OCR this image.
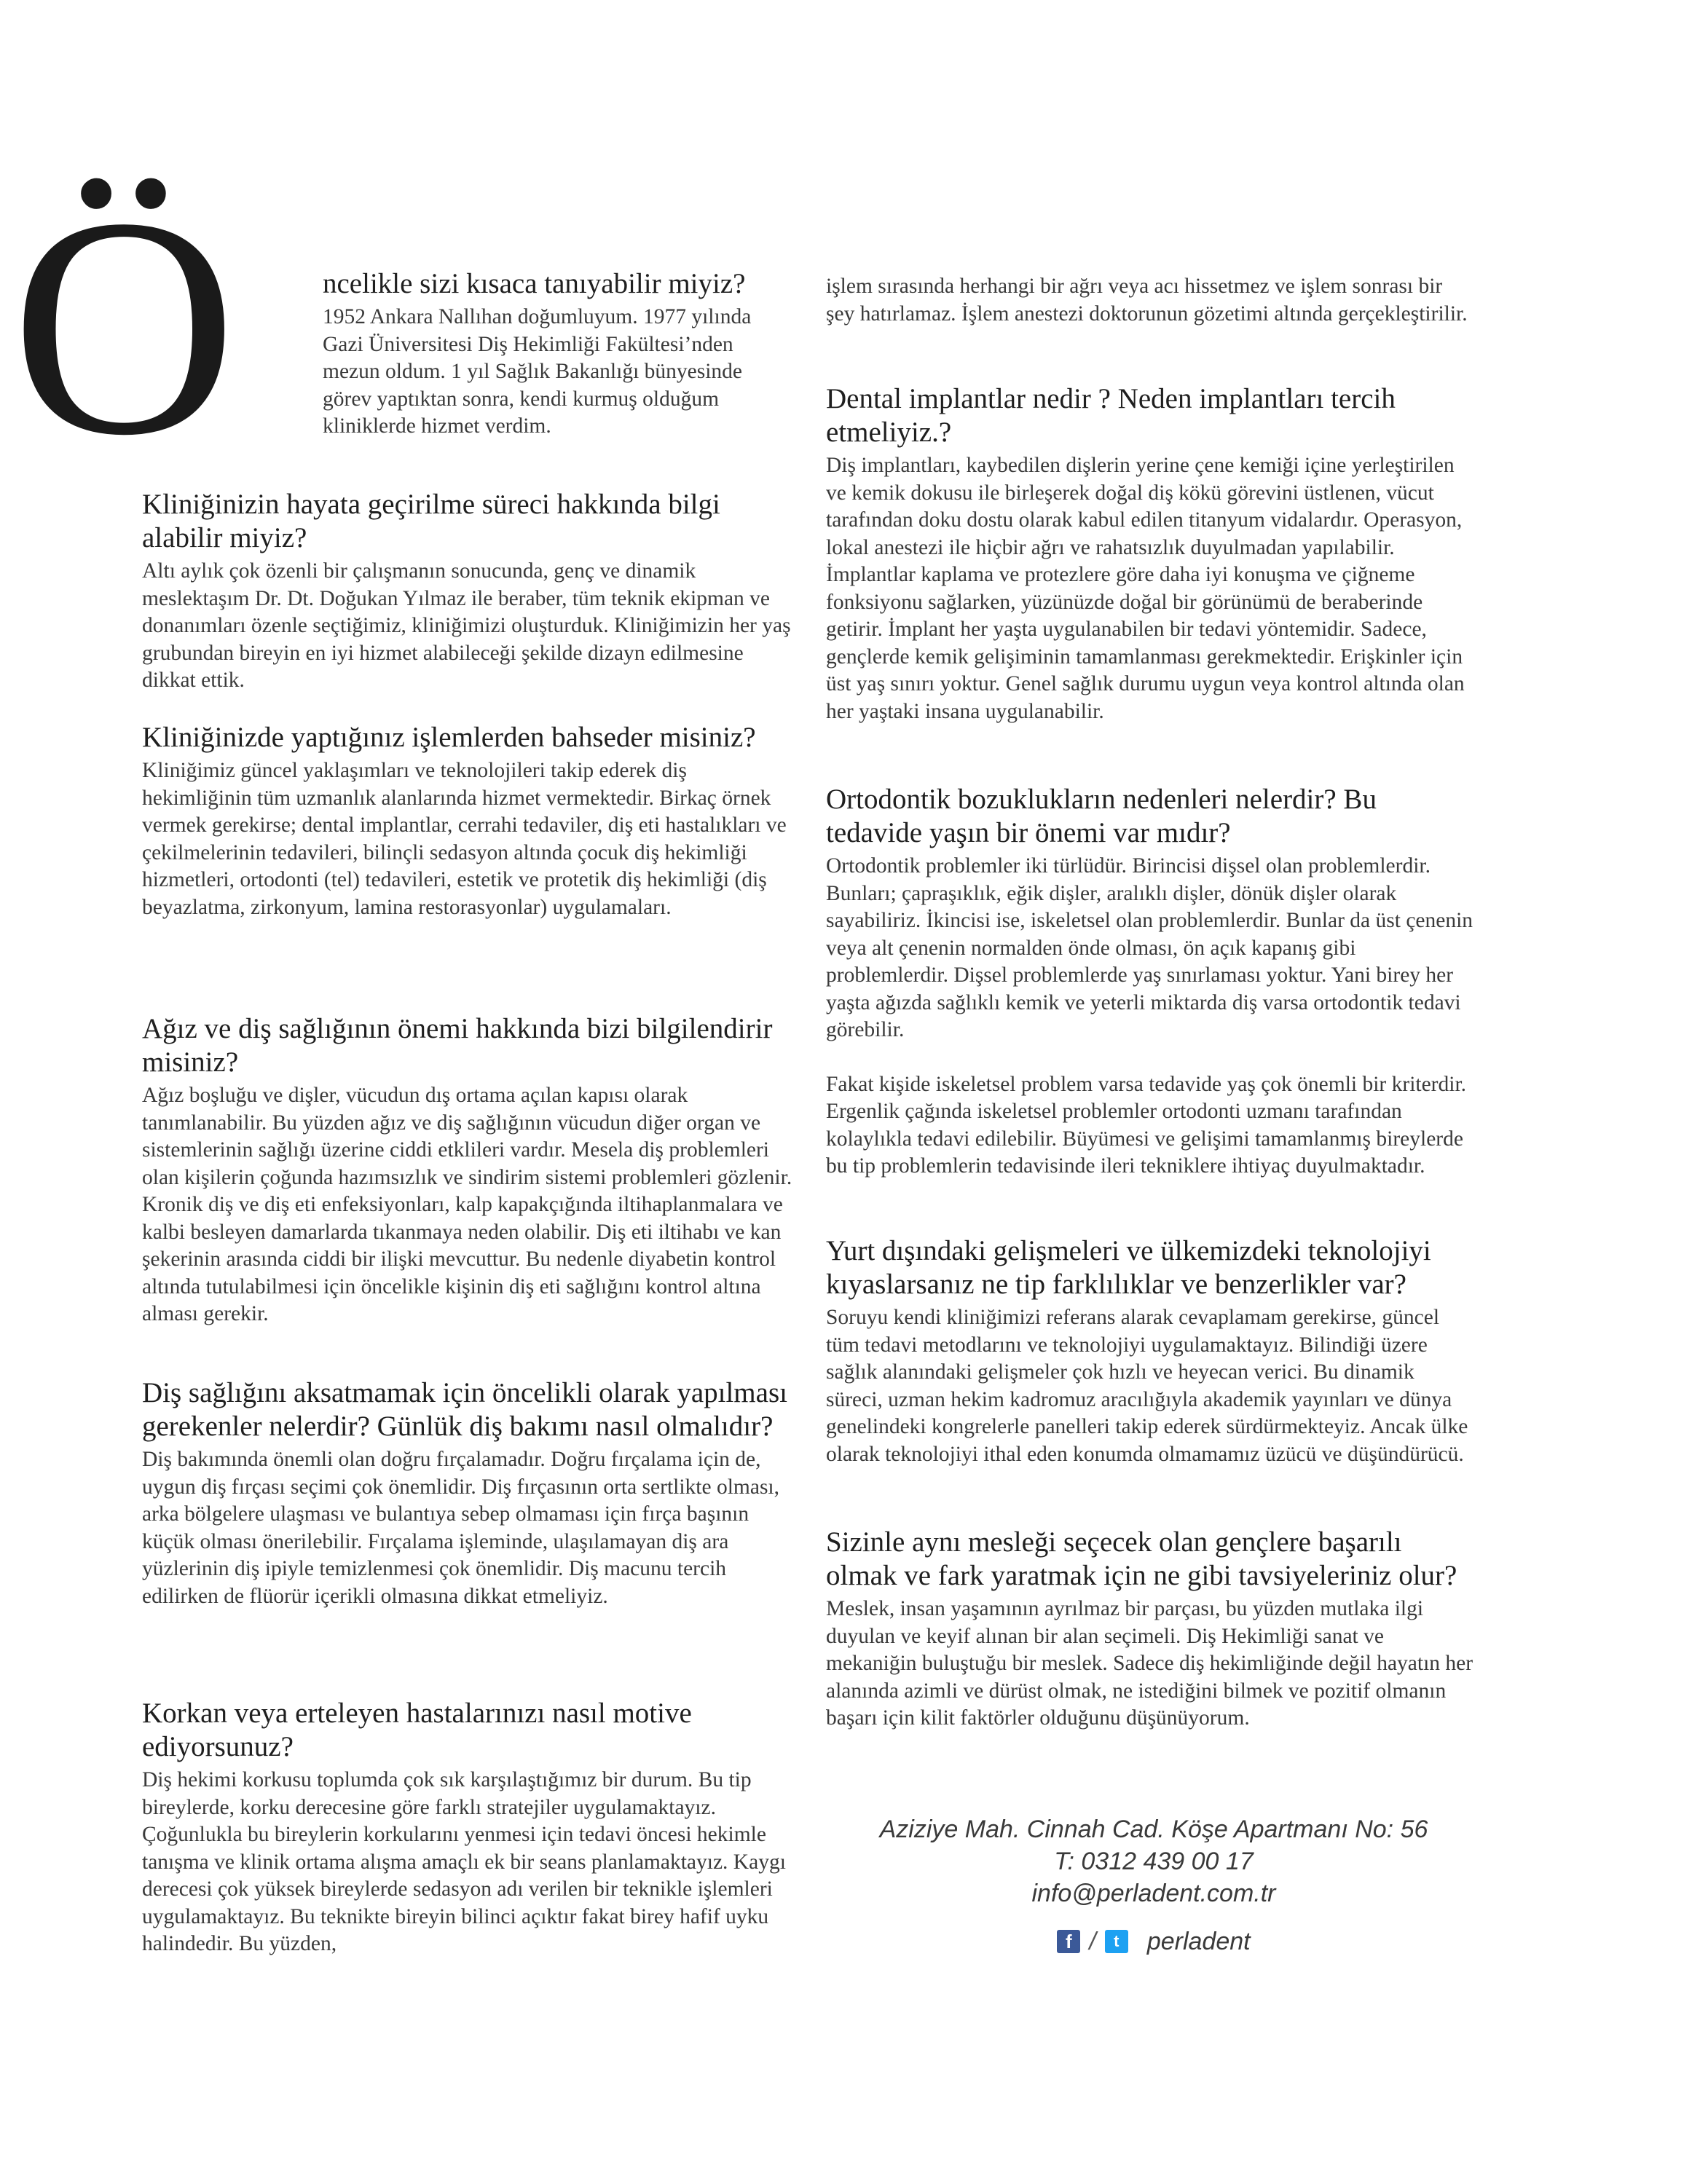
Ö	ncelikle sizi kısaca tanıyabilir miyiz?

1952 Ankara Nallıhan doğumluyum. 1977 yılında Gazi Üniversitesi Diş Hekimliği Fakültesi’nden mezun oldum. 1 yıl Sağlık Bakanlığı bünyesinde görev yaptıktan sonra, kendi kurmuş olduğum kliniklerde hizmet verdim.

Kliniğinizin hayata geçirilme süreci hakkında bilgi alabilir miyiz?

Altı aylık çok özenli bir çalışmanın sonucunda, genç ve dinamik meslektaşım Dr. Dt. Doğukan Yılmaz ile beraber, tüm teknik ekipman ve donanımları özenle seçtiğimiz, kliniğimizi oluşturduk. Kliniğimizin her yaş grubundan bireyin en iyi hizmet alabileceği şekilde dizayn edilmesine dikkat ettik.

Kliniğinizde yaptığınız işlemlerden bahseder misiniz?

Kliniğimiz güncel yaklaşımları ve teknolojileri takip ederek diş hekimliğinin tüm uzmanlık alanlarında hizmet vermektedir. Birkaç örnek vermek gerekirse; dental implantlar, cerrahi tedaviler, diş eti hastalıkları ve çekilmelerinin tedavileri, bilinçli sedasyon altında çocuk diş hekimliği hizmetleri, ortodonti (tel) tedavileri, estetik ve protetik diş hekimliği (diş beyazlatma, zirkonyum, lamina restorasyonlar) uygulamaları.

Ağız ve diş sağlığının önemi hakkında bizi bilgilendirir misiniz?

Ağız boşluğu ve dişler, vücudun dış ortama açılan kapısı olarak tanımlanabilir. Bu yüzden ağız ve diş sağlığının vücudun diğer organ ve sistemlerinin sağlığı üzerine ciddi etklileri vardır. Mesela diş problemleri olan kişilerin çoğunda hazımsızlık ve sindirim sistemi problemleri gözlenir. Kronik diş ve diş eti enfeksiyonları, kalp kapakçığında iltihaplanmalara ve kalbi besleyen damarlarda tıkanmaya neden olabilir. Diş eti iltihabı ve kan şekerinin arasında ciddi bir ilişki mevcuttur. Bu nedenle diyabetin kontrol altında tutulabilmesi için öncelikle kişinin diş eti sağlığını kontrol altına alması gerekir.

Diş sağlığını aksatmamak için öncelikli olarak yapılması gerekenler nelerdir? Günlük diş bakımı nasıl olmalıdır?

Diş bakımında önemli olan doğru fırçalamadır. Doğru fırçalama için de, uygun diş fırçası seçimi çok önemlidir. Diş fırçasının orta sertlikte olması, arka bölgelere ulaşması ve bulantıya sebep olmaması için fırça başının küçük olması önerilebilir. Fırçalama işleminde, ulaşılamayan diş ara yüzlerinin diş ipiyle temizlenmesi çok önemlidir. Diş macunu tercih edilirken de flüorür içerikli olmasına dikkat etmeliyiz.

Korkan veya erteleyen hastalarınızı nasıl motive ediyorsunuz?

Diş hekimi korkusu toplumda çok sık karşılaştığımız bir durum. Bu tip bireylerde, korku derecesine göre farklı stratejiler uygulamaktayız. Çoğunlukla bu bireylerin korkularını yenmesi için tedavi öncesi hekimle tanışma ve klinik ortama alışma amaçlı ek bir seans planlamaktayız. Kaygı derecesi çok yüksek bireylerde sedasyon adı verilen bir teknikle işlemleri uygulamaktayız. Bu teknikte bireyin bilinci açıktır fakat birey hafif uyku halindedir. Bu yüzden,

işlem sırasında herhangi bir ağrı veya acı hissetmez ve işlem sonrası bir şey hatırlamaz. İşlem anestezi doktorunun gözetimi altında gerçekleştirilir.

Dental implantlar nedir ? Neden implantları tercih etmeliyiz.?

Diş implantları, kaybedilen dişlerin yerine çene kemiği içine yerleştirilen ve kemik dokusu ile birleşerek doğal diş kökü görevini üstlenen, vücut tarafından doku dostu olarak kabul edilen titanyum vidalardır. Operasyon, lokal anestezi ile hiçbir ağrı ve rahatsızlık duyulmadan yapılabilir. İmplantlar kaplama ve protezlere göre daha iyi konuşma ve çiğneme fonksiyonu sağlarken, yüzünüzde doğal bir görünümü de beraberinde getirir. İmplant her yaşta uygulanabilen bir tedavi yöntemidir. Sadece, gençlerde kemik gelişiminin tamamlanması gerekmektedir. Erişkinler için üst yaş sınırı yoktur. Genel sağlık durumu uygun veya kontrol altında olan her yaştaki insana uygulanabilir.

Ortodontik bozuklukların nedenleri nelerdir? Bu tedavide yaşın bir önemi var mıdır?

Ortodontik problemler iki türlüdür. Birincisi dişsel olan problemlerdir. Bunları; çapraşıklık, eğik dişler, aralıklı dişler, dönük dişler olarak sayabiliriz. İkincisi ise, iskeletsel olan problemlerdir. Bunlar da üst çenenin veya alt çenenin normalden önde olması, ön açık kapanış gibi problemlerdir. Dişsel problemlerde yaş sınırlaması yoktur. Yani birey her yaşta ağızda sağlıklı kemik ve yeterli miktarda diş varsa ortodontik tedavi görebilir.

Fakat kişide iskeletsel problem varsa tedavide yaş çok önemli bir kriterdir. Ergenlik çağında iskeletsel problemler ortodonti uzmanı tarafından kolaylıkla tedavi edilebilir. Büyümesi ve gelişimi tamamlanmış bireylerde bu tip problemlerin tedavisinde ileri tekniklere ihtiyaç duyulmaktadır.

Yurt dışındaki gelişmeleri ve ülkemizdeki teknolojiyi kıyaslarsanız ne tip farklılıklar ve benzerlikler var?

Soruyu kendi kliniğimizi referans alarak cevaplamam gerekirse, güncel tüm tedavi metodlarını ve teknolojiyi uygulamaktayız. Bilindiği üzere sağlık alanındaki gelişmeler çok hızlı ve heyecan verici. Bu dinamik süreci, uzman hekim kadromuz aracılığıyla akademik yayınları ve dünya genelindeki kongrelerle panelleri takip ederek sürdürmekteyiz. Ancak ülke olarak teknolojiyi ithal eden konumda olmamamız üzücü ve düşündürücü.

Sizinle aynı mesleği seçecek olan gençlere başarılı olmak ve fark yaratmak için ne gibi tavsiyeleriniz olur?

Meslek, insan yaşamının ayrılmaz bir parçası, bu yüzden mutlaka ilgi duyulan ve keyif alınan bir alan seçimeli. Diş Hekimliği sanat ve mekaniğin buluştuğu bir meslek. Sadece diş hekimliğinde değil hayatın her alanında azimli ve dürüst olmak, ne istediğini bilmek ve pozitif olmanın başarı için kilit faktörler olduğunu düşünüyorum.

Aziziye Mah. Cinnah Cad. Köşe Apartmanı No: 56
T: 0312 439 00 17
info@perladent.com.tr
f /	t	perladent
